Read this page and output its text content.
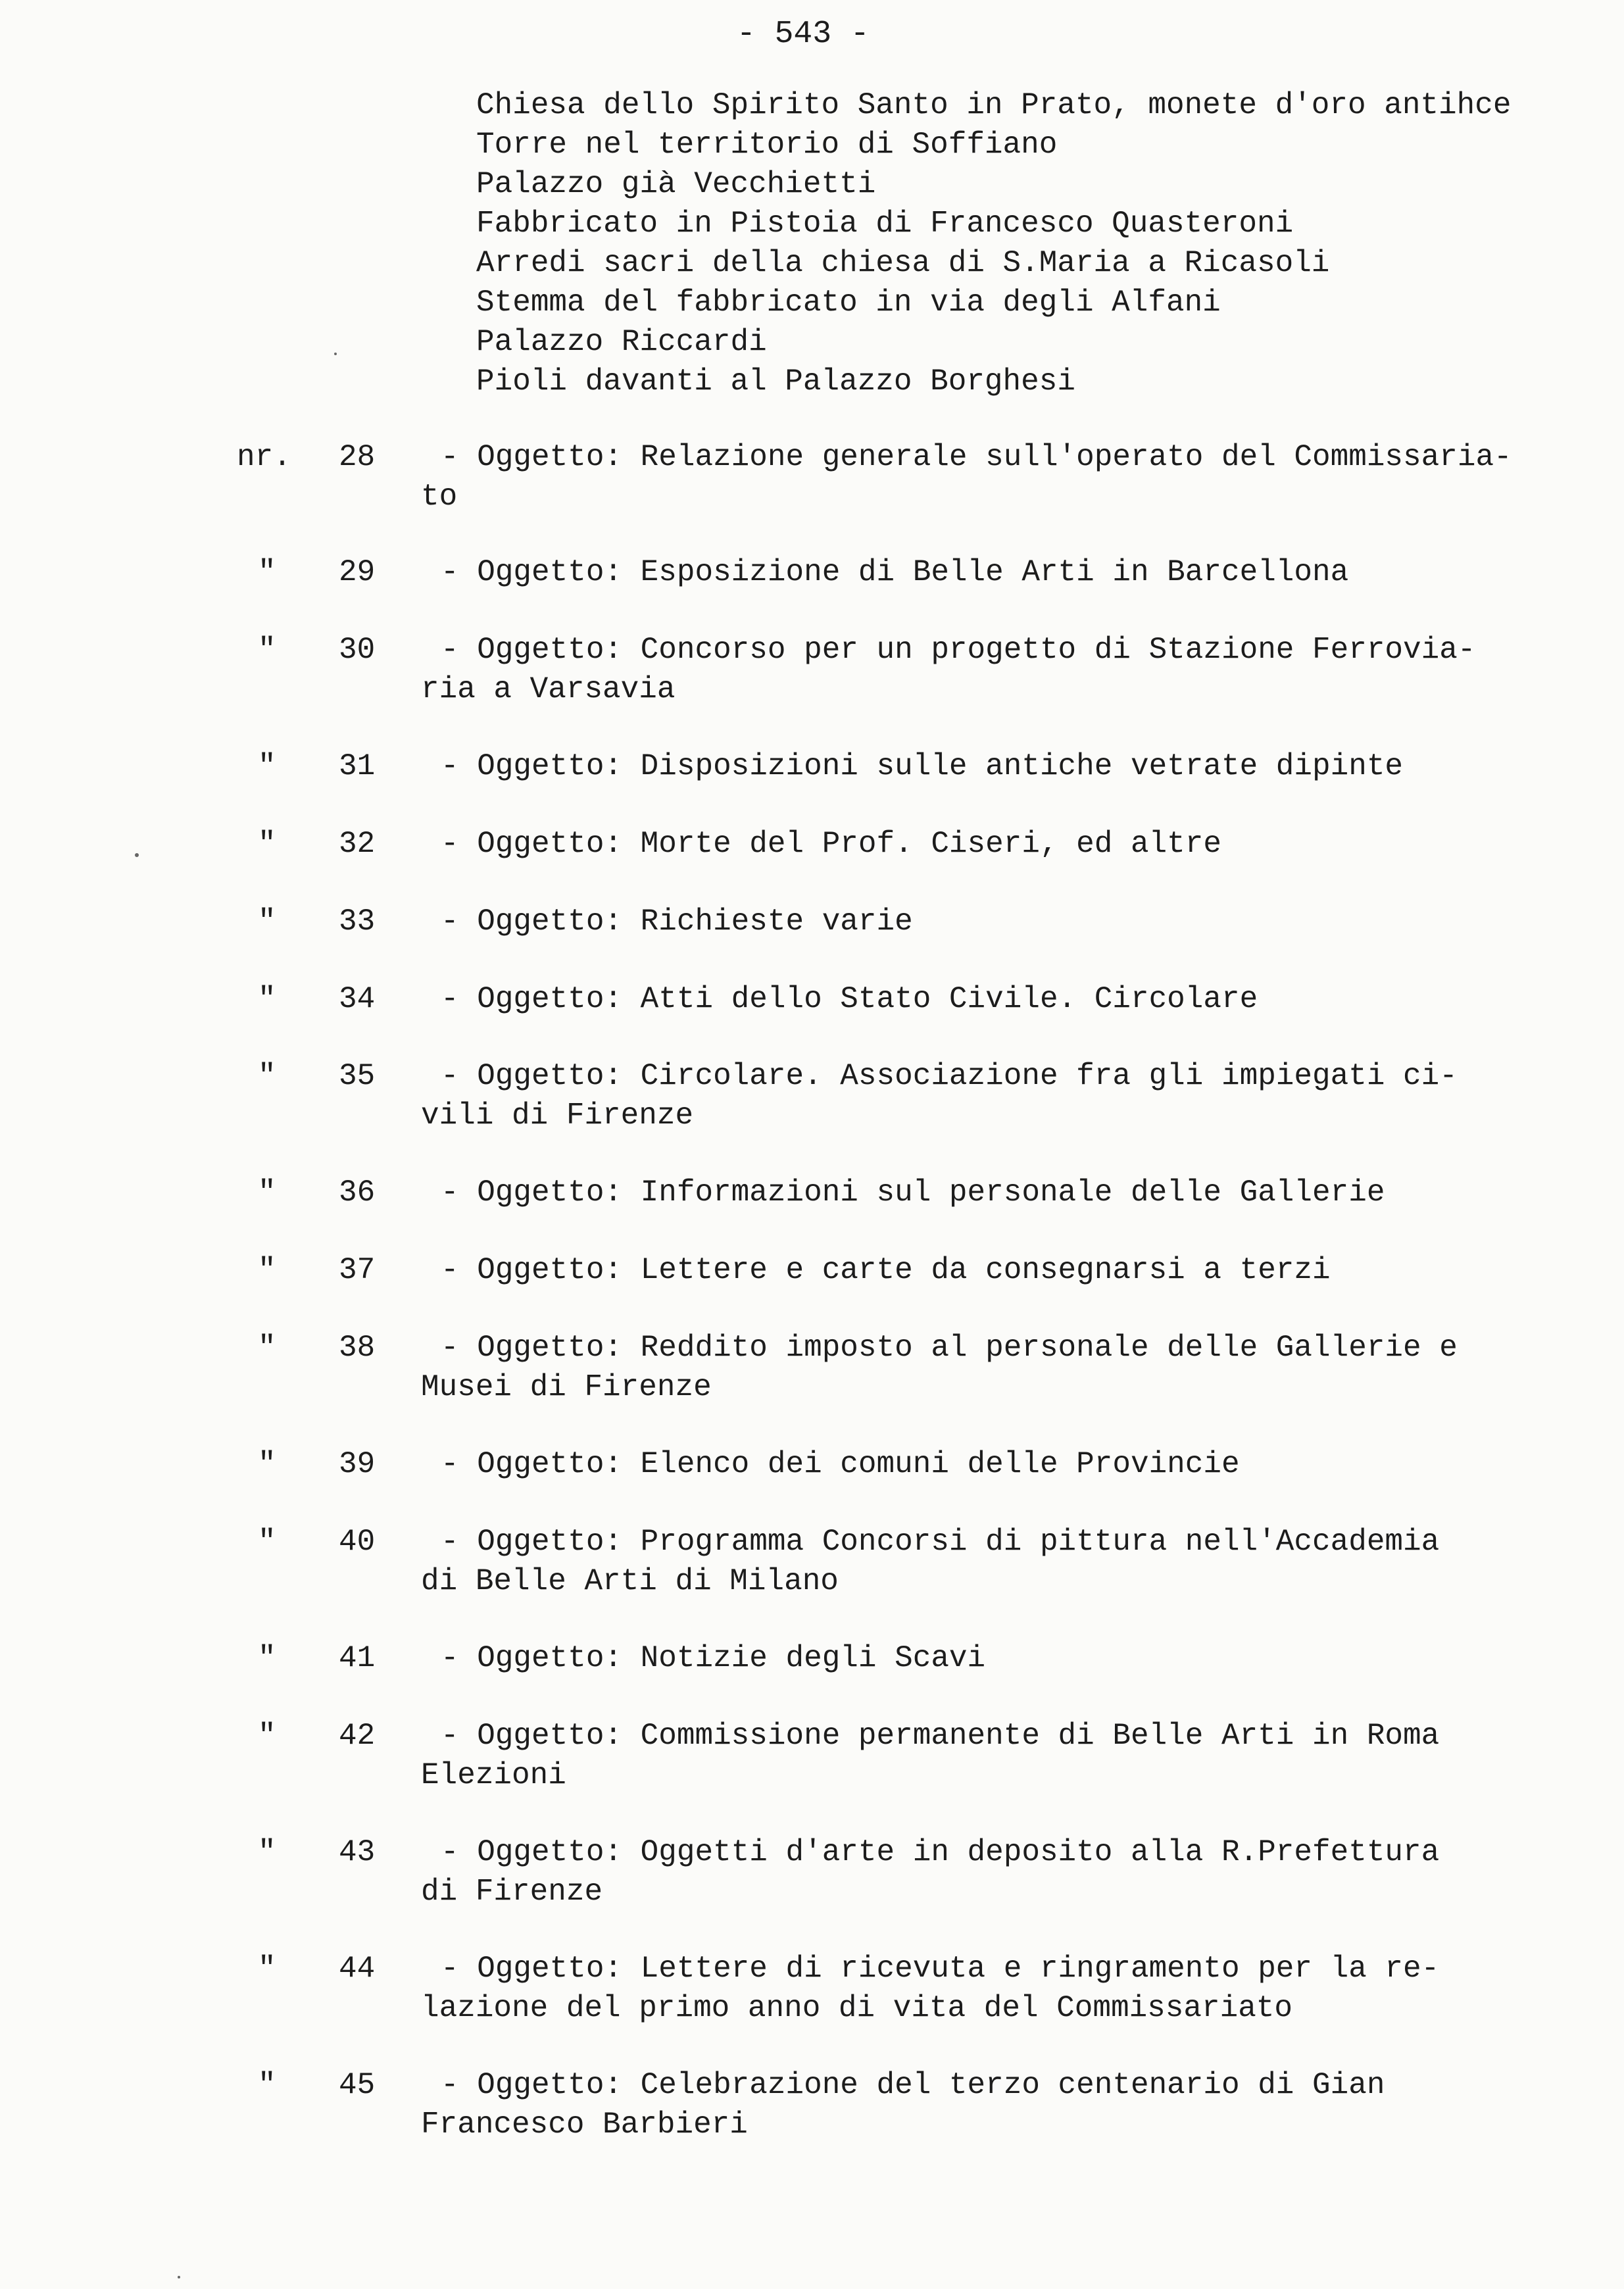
- 543 -
Chiesa dello Spirito Santo in Prato, monete d'oro antihce
Torre nel territorio di Soffiano
Palazzo già Vecchietti
Fabbricato in Pistoia di Francesco Quasteroni
Arredi sacri della chiesa di S.Maria a Ricasoli
Stemma del fabbricato in via degli Alfani
Palazzo Riccardi
Pioli davanti al Palazzo Borghesi
nr.	28	- Oggetto: Relazione generale sull'operato del Commissaria-
to
"	29	- Oggetto: Esposizione di Belle Arti in Barcellona
"	30	- Oggetto: Concorso per un progetto di Stazione Ferrovia-
ria a Varsavia
"	31	- Oggetto: Disposizioni sulle antiche vetrate dipinte
"	32	- Oggetto: Morte del Prof. Ciseri, ed altre
"	33	- Oggetto: Richieste varie
"	34	- Oggetto: Atti dello Stato Civile. Circolare
"	35	- Oggetto: Circolare. Associazione fra gli impiegati ci-
vili di Firenze
"	36	- Oggetto: Informazioni sul personale delle Gallerie
"	37	- Oggetto: Lettere e carte da consegnarsi a terzi
"	38	- Oggetto: Reddito imposto al personale delle Gallerie e
Musei di Firenze
"	39	- Oggetto: Elenco dei comuni delle Provincie
"	40	- Oggetto: Programma Concorsi di pittura nell'Accademia
di Belle Arti di Milano
"	41	- Oggetto: Notizie degli Scavi
"	42	- Oggetto: Commissione permanente di Belle Arti in Roma
Elezioni
"	43	- Oggetto: Oggetti d'arte in deposito alla R.Prefettura
di Firenze
"	44	- Oggetto: Lettere di ricevuta e ringramento per la re-
lazione del primo anno di vita del Commissariato
"	45	- Oggetto: Celebrazione del terzo centenario di Gian
Francesco Barbieri
